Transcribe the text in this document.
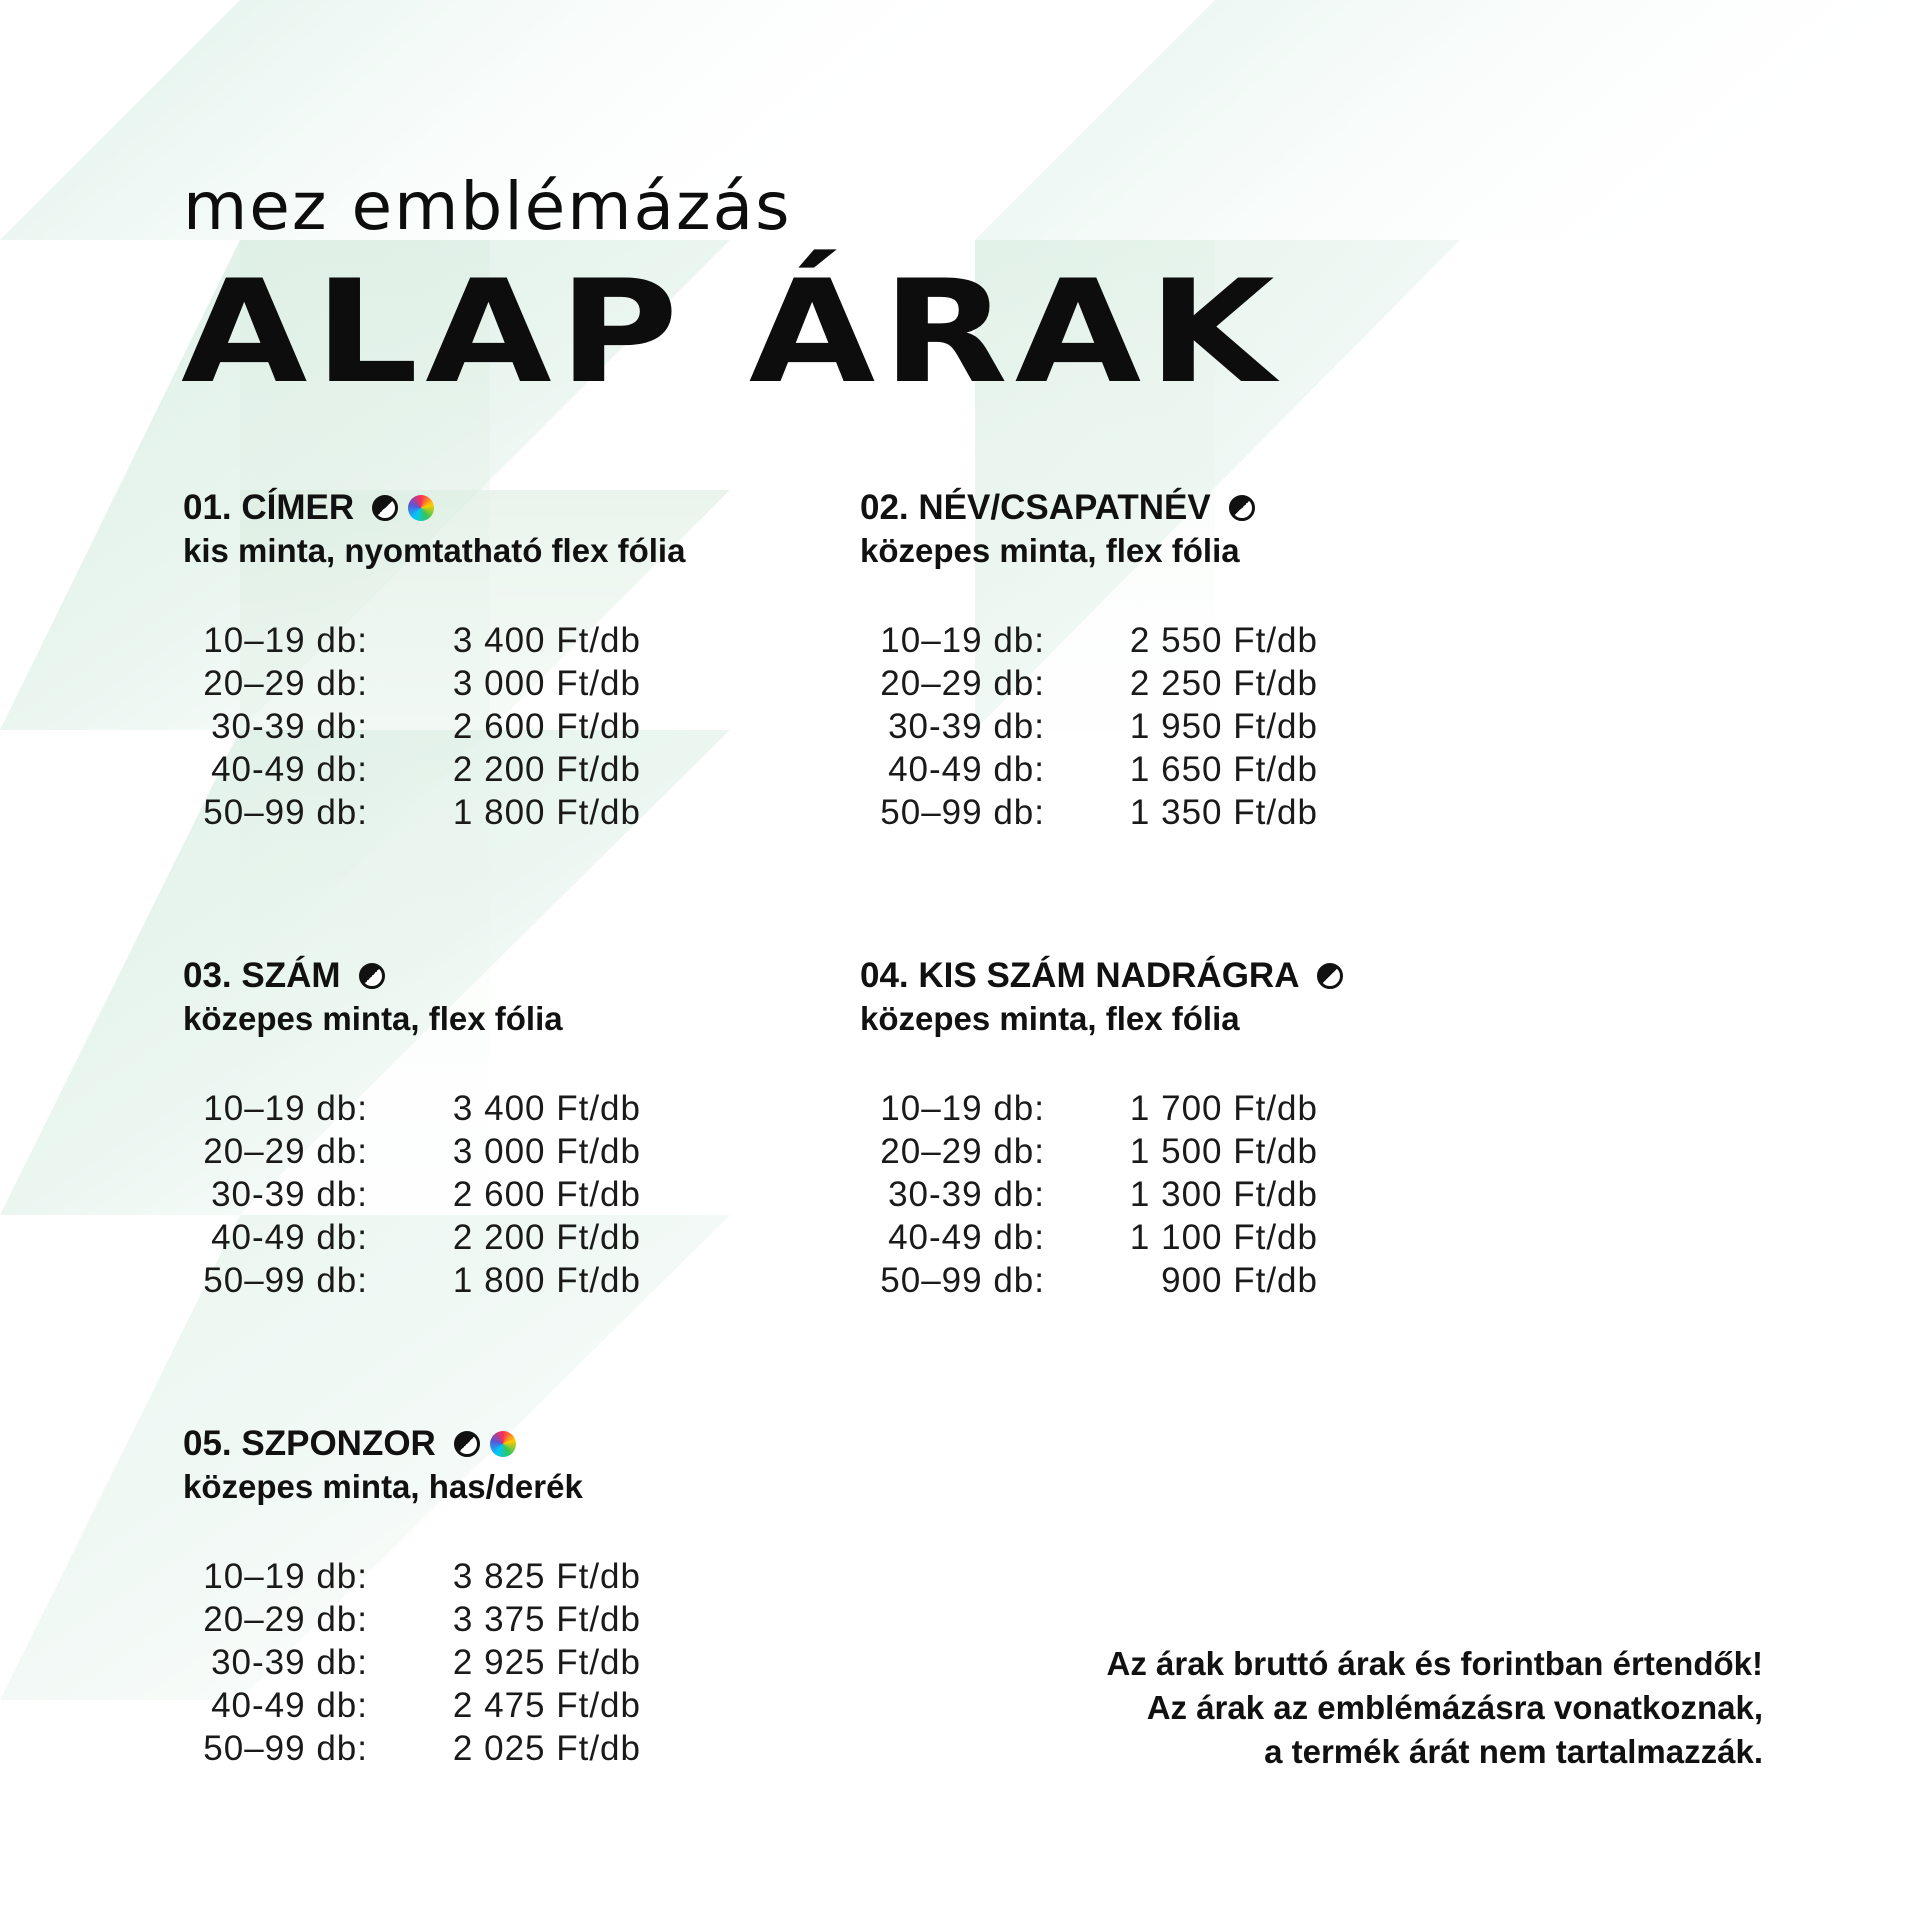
mez emblémázás
ALAP ÁRAK
01. CÍMER
kis minta, nyomtatható flex fólia
10–19 db:	3 400 Ft/db
20–29 db:	3 000 Ft/db
30-39 db:	2 600 Ft/db
40-49 db:	2 200 Ft/db
50–99 db:	1 800 Ft/db
02. NÉV/CSAPATNÉV
közepes minta, flex fólia
10–19 db:	2 550 Ft/db
20–29 db:	2 250 Ft/db
30-39 db:	1 950 Ft/db
40-49 db:	1 650 Ft/db
50–99 db:	1 350 Ft/db
03. SZÁM
közepes minta, flex fólia
10–19 db:	3 400 Ft/db
20–29 db:	3 000 Ft/db
30-39 db:	2 600 Ft/db
40-49 db:	2 200 Ft/db
50–99 db:	1 800 Ft/db
04. KIS SZÁM NADRÁGRA
közepes minta, flex fólia
10–19 db:	1 700 Ft/db
20–29 db:	1 500 Ft/db
30-39 db:	1 300 Ft/db
40-49 db:	1 100 Ft/db
50–99 db:	900 Ft/db
05. SZPONZOR
közepes minta, has/derék
10–19 db:	3 825 Ft/db
20–29 db:	3 375 Ft/db
30-39 db:	2 925 Ft/db
40-49 db:	2 475 Ft/db
50–99 db:	2 025 Ft/db
Az árak bruttó árak és forintban értendők!
Az árak az emblémázásra vonatkoznak,
a termék árát nem tartalmazzák.
